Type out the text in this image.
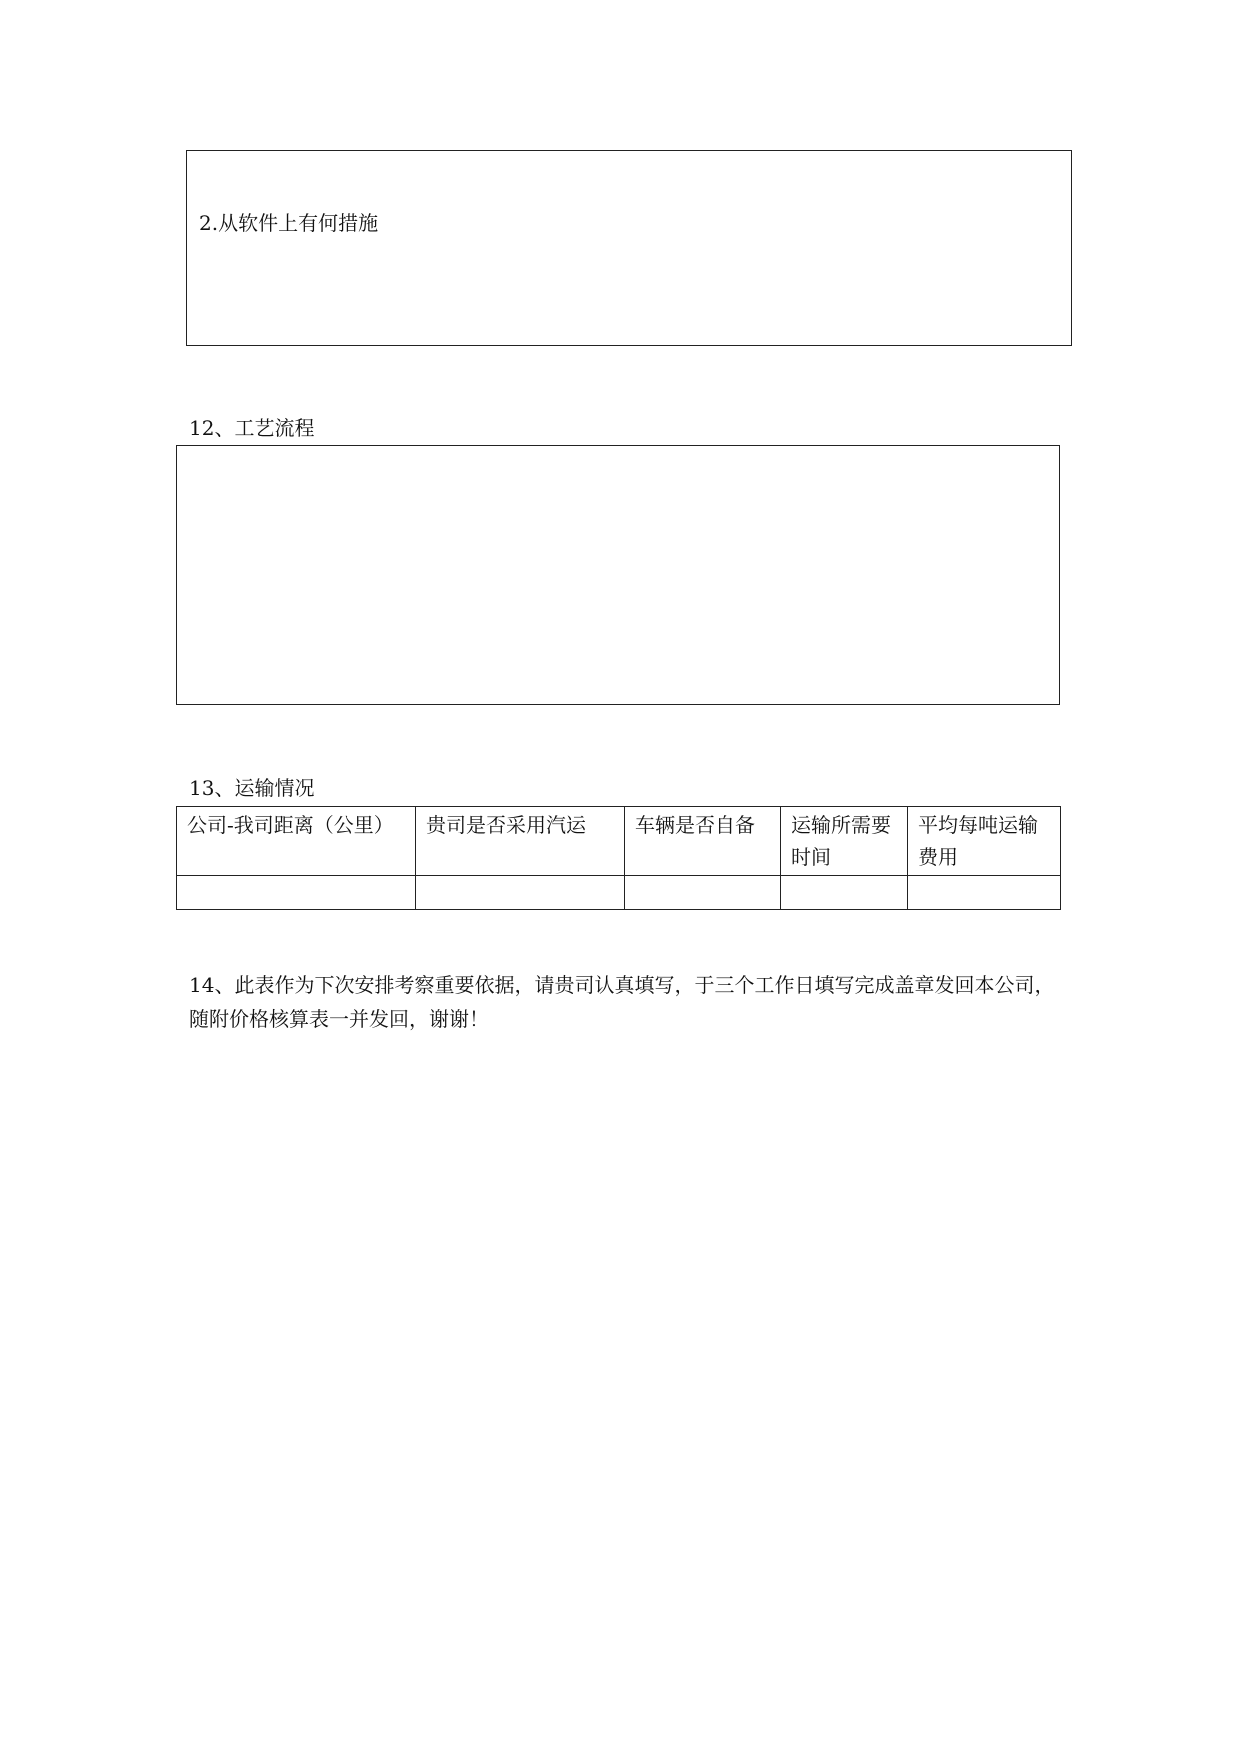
2.从软件上有何措施
12、工艺流程
13、运输情况
公司-我司距离（公里）	贵司是否采用汽运	车辆是否自备	运输所需要时间	平均每吨运输费用

14、此表作为下次安排考察重要依据，请贵司认真填写，于三个工作日填写完成盖章发回本公司，随附价格核算表一并发回，谢谢！
